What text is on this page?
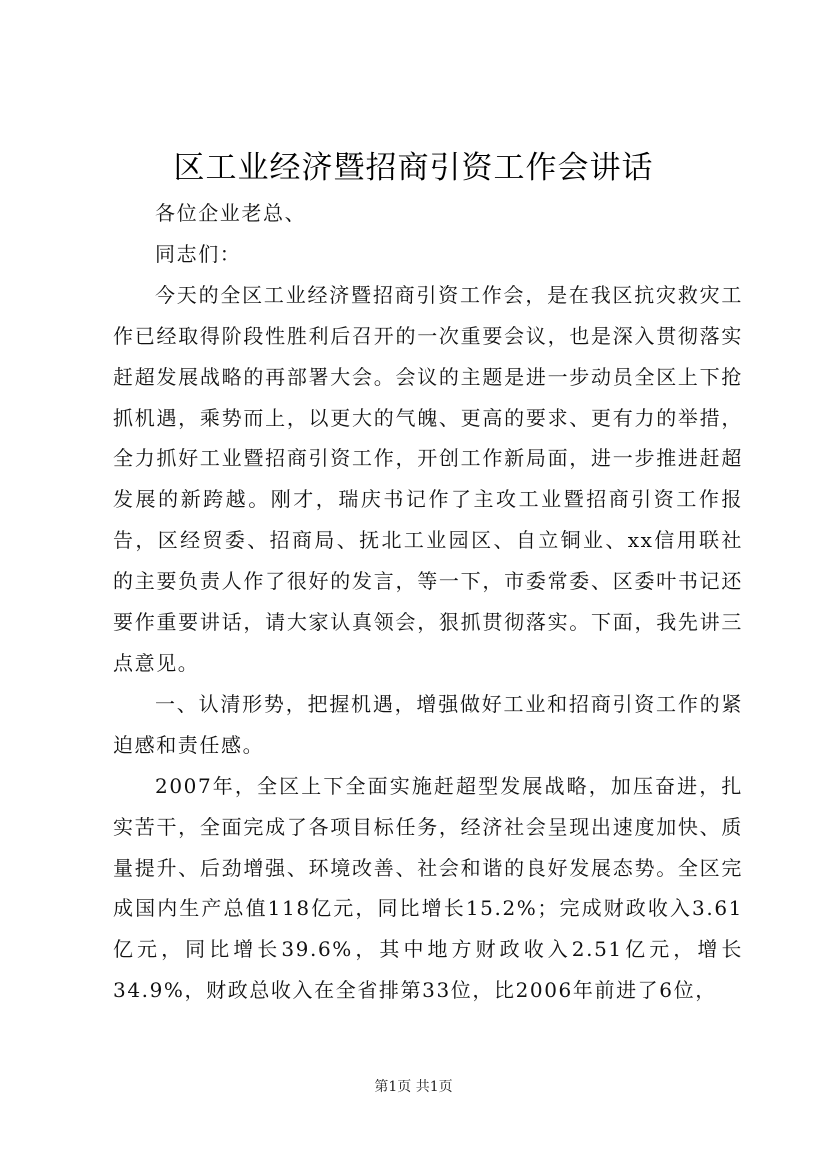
区工业经济暨招商引资工作会讲话

各位企业老总、

同志们：

今天的全区工业经济暨招商引资工作会，是在我区抗灾救灾工作已经取得阶段性胜利后召开的一次重要会议，也是深入贯彻落实赶超发展战略的再部署大会。会议的主题是进一步动员全区上下抢抓机遇，乘势而上，以更大的气魄、更高的要求、更有力的举措，全力抓好工业暨招商引资工作，开创工作新局面，进一步推进赶超发展的新跨越。刚才，瑞庆书记作了主攻工业暨招商引资工作报告，区经贸委、招商局、抚北工业园区、自立铜业、xx信用联社的主要负责人作了很好的发言，等一下，市委常委、区委叶书记还要作重要讲话，请大家认真领会，狠抓贯彻落实。下面，我先讲三点意见。

一、认清形势，把握机遇，增强做好工业和招商引资工作的紧迫感和责任感。

2007年，全区上下全面实施赶超型发展战略，加压奋进，扎实苦干，全面完成了各项目标任务，经济社会呈现出速度加快、质量提升、后劲增强、环境改善、社会和谐的良好发展态势。全区完成国内生产总值118亿元，同比增长15.2%；完成财政收入3.61亿元，同比增长39.6%，其中地方财政收入2.51亿元，增长34.9%，财政总收入在全省排第33位，比2006年前进了6位，

第1页 共1页
